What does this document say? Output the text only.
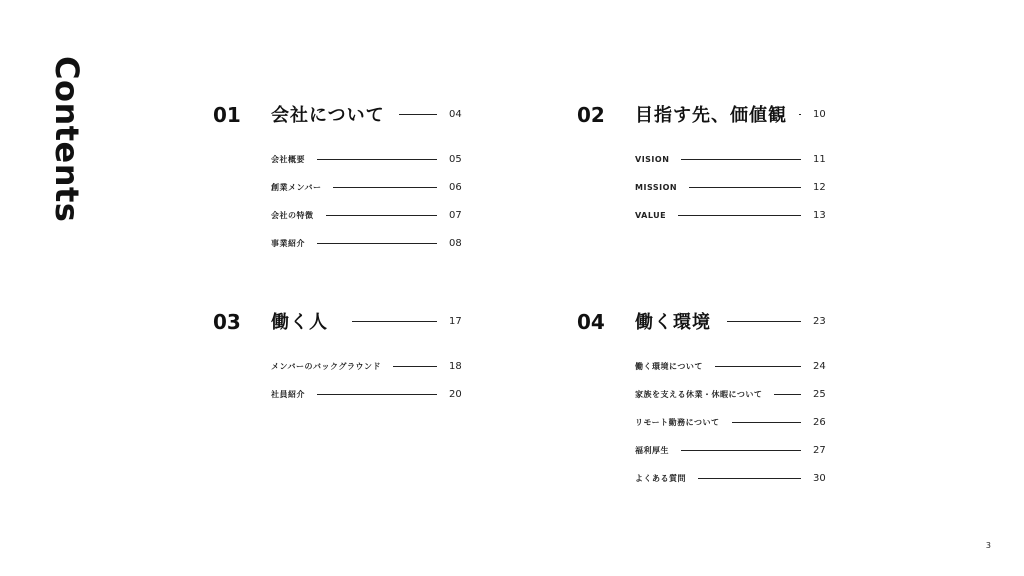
Contents	01 会社について	04
会社概要	05
創業メンバー	06
会社の特徴	07
事業紹介	08
02 目指す先、価値観	10
VISION	11
MISSION	12
VALUE	13
03 働く人	17
メンバーのバックグラウンド	18
社員紹介	20
04 働く環境	23
働く環境について	24
家族を支える休業・休暇について	25
リモート勤務について	26
福利厚生	27
よくある質問	30
3
